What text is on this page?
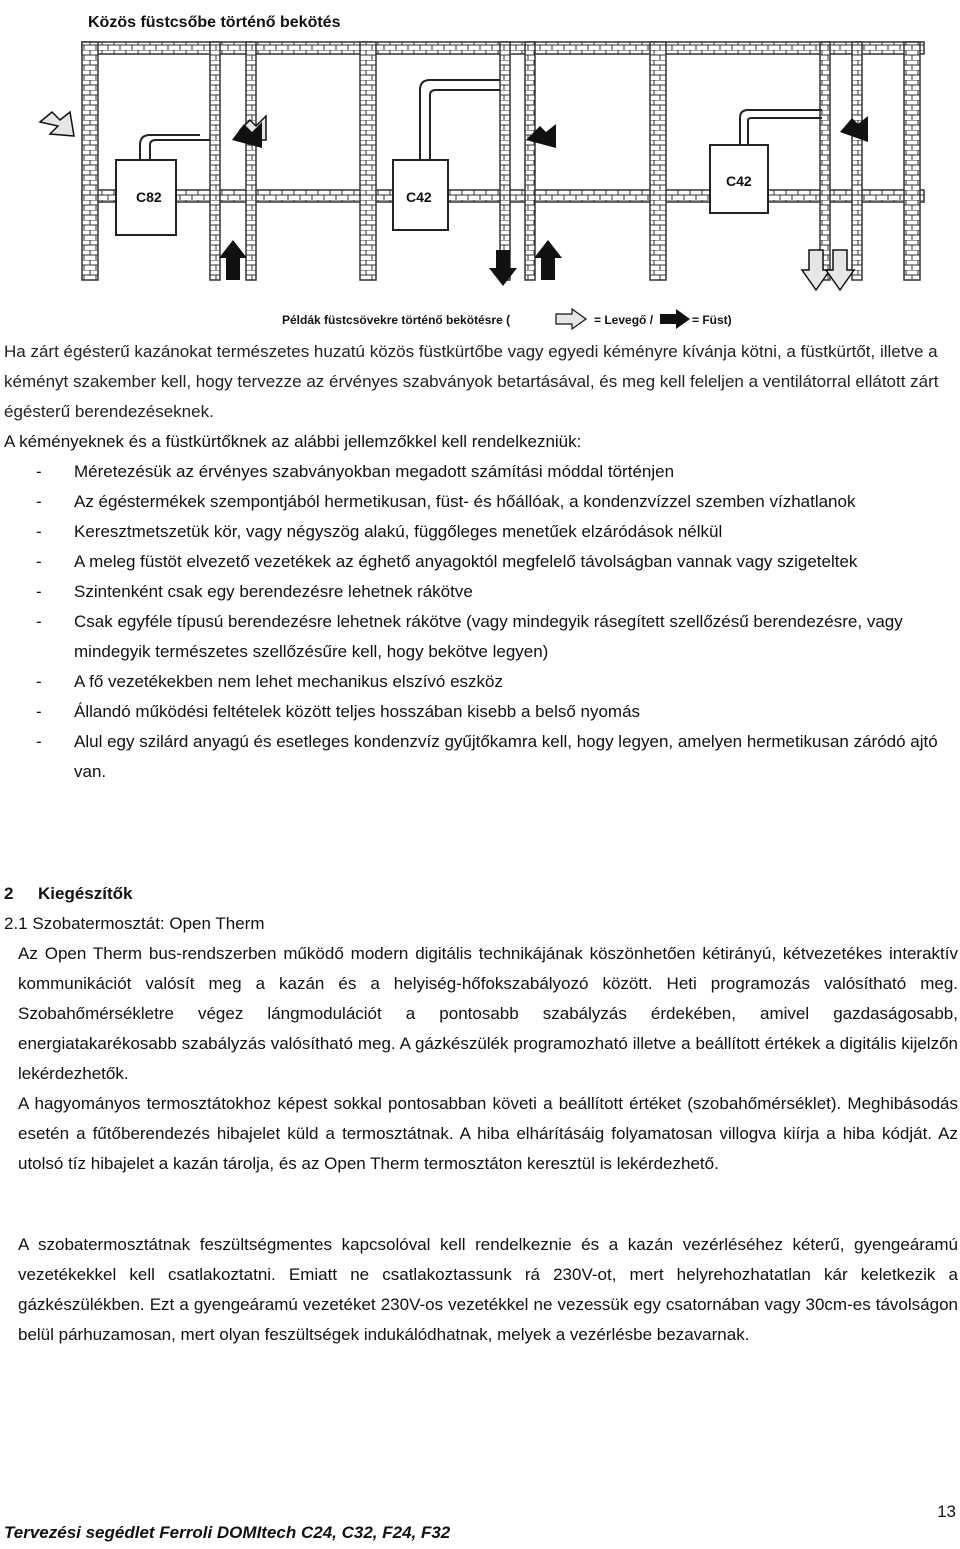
Közös füstcsőbe történő bekötés
C82	C42
C42
Példák füstcsövekre történő bekötésre (	= Levegő /	= Füst)
Ha zárt égésterű kazánokat természetes huzatú közös füstkürtőbe vagy egyedi kéményre kívánja kötni, a füstkürtőt, illetve a kéményt szakember kell, hogy tervezze az érvényes szabványok betartásával, és meg kell feleljen a ventilátorral ellátott zárt égésterű berendezéseknek.

A kéményeknek és a füstkürtőknek az alábbi jellemzőkkel kell rendelkezniük:

- Méretezésük az érvényes szabványokban megadott számítási móddal történjen
- Az égéstermékek szempontjából hermetikusan, füst- és hőállóak, a kondenzvízzel szemben vízhatlanok
- Keresztmetszetük kör, vagy négyszög alakú, függőleges menetűek elzáródások nélkül
- A meleg füstöt elvezető vezetékek az éghető anyagoktól megfelelő távolságban vannak vagy szigeteltek
- Szintenként csak egy berendezésre lehetnek rákötve
- Csak egyféle típusú berendezésre lehetnek rákötve (vagy mindegyik rásegített szellőzésű berendezésre, vagy mindegyik természetes szellőzésűre kell, hogy bekötve legyen)
- A fő vezetékekben nem lehet mechanikus elszívó eszköz
- Állandó működési feltételek között teljes hosszában kisebb a belső nyomás
- Alul egy szilárd anyagú és esetleges kondenzvíz gyűjtőkamra kell, hogy legyen, amelyen hermetikusan záródó ajtó van.
2 Kiegészítők
2.1 Szobatermosztát: Open Therm
Az Open Therm bus-rendszerben működő modern digitális technikájának köszönhetően kétirányú, kétvezetékes interaktív kommunikációt valósít meg a kazán és a helyiség-hőfokszabályozó között. Heti programozás valósítható meg. Szobahőmérsékletre végez lángmodulációt a pontosabb szabályzás érdekében, amivel gazdaságosabb, energiatakarékosabb szabályzás valósítható meg. A gázkészülék programozható illetve a beállított értékek a digitális kijelzőn lekérdezhetők.
A hagyományos termosztátokhoz képest sokkal pontosabban követi a beállított értéket (szobahőmérséklet). Meghibásodás esetén a fűtőberendezés hibajelet küld a termosztátnak. A hiba elhárításáig folyamatosan villogva kiírja a hiba kódját. Az utolsó tíz hibajelet a kazán tárolja, és az Open Therm termosztáton keresztül is lekérdezhető.
A szobatermosztátnak feszültségmentes kapcsolóval kell rendelkeznie és a kazán vezérléséhez kéterű, gyengeáramú vezetékekkel kell csatlakoztatni. Emiatt ne csatlakoztassunk rá 230V-ot, mert helyrehozhatatlan kár keletkezik a gázkészülékben. Ezt a gyengeáramú vezetéket 230V-os vezetékkel ne vezessük egy csatornában vagy 30cm-es távolságon belül párhuzamosan, mert olyan feszültségek indukálódhatnak, melyek a vezérlésbe bezavarnak.
13
Tervezési segédlet Ferroli DOMItech C24, C32, F24, F32
